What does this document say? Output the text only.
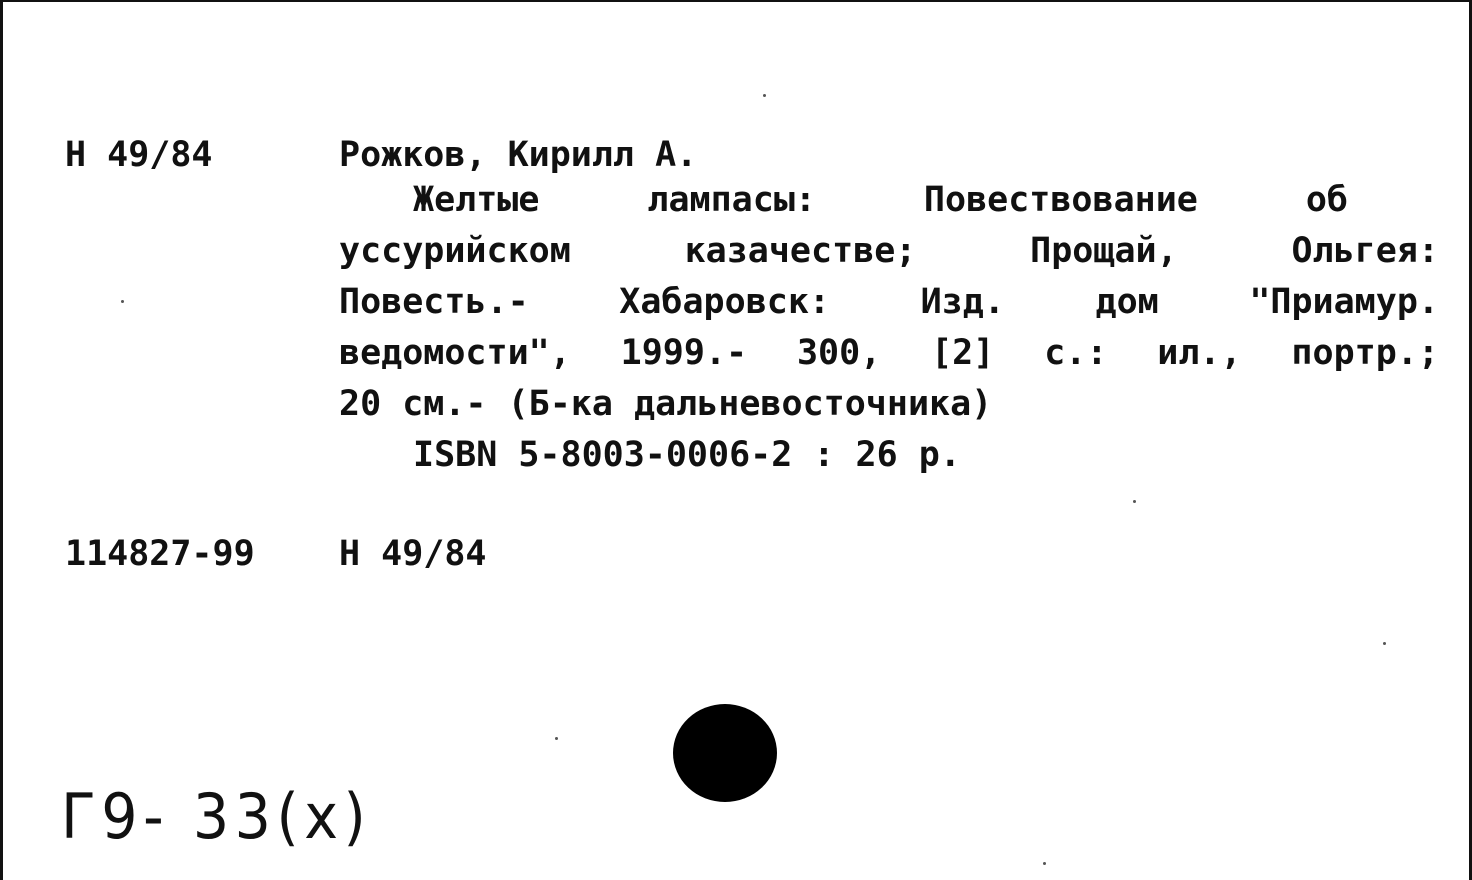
Н 49/84	Рожков, Кирилл А.
Желтые	лампасы:	Повествование	об
уссурийском	казачестве;	Прощай,	Ольгея:
Повесть.-	Хабаровск:	Изд.	дом	"Приамур.
ведомости", 1999.- 300, [2] с.: ил., портр.;
20 см.- (Б-ка дальневосточника)
ISBN 5-8003-0006-2 : 26 р.
114827-99 Н 49/84
Г9- 33(х)
